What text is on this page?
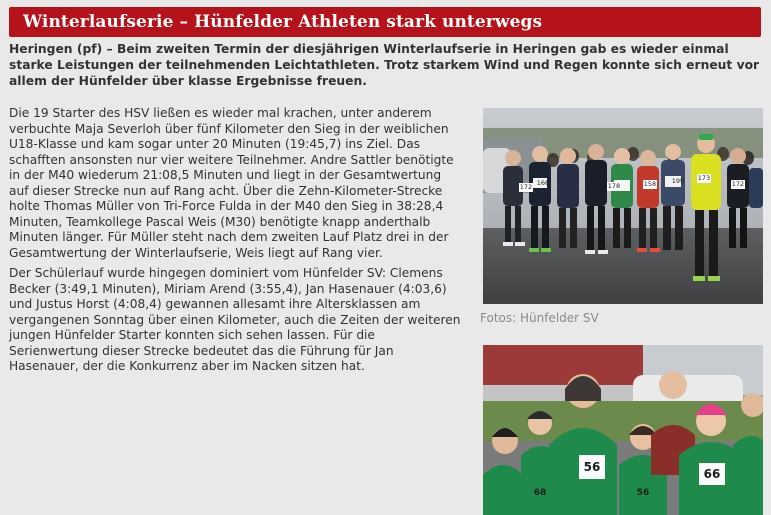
Winterlaufserie – Hünfelder Athleten stark unterwegs

Heringen (pf) – Beim zweiten Termin der diesjährigen Winterlaufserie in Heringen gab es wieder einmal starke Leistungen der teilnehmenden Leichtathleten. Trotz starkem Wind und Regen konnte sich erneut vor allem der Hünfelder über klasse Ergebnisse freuen.

Die 19 Starter des HSV ließen es wieder mal krachen, unter anderem verbuchte Maja Severloh über fünf Kilometer den Sieg in der weiblichen U18-Klasse und kam sogar unter 20 Minuten (19:45,7) ins Ziel. Das schafften ansonsten nur vier weitere Teilnehmer. Andre Sattler benötigte in der M40 wiederum 21:08,5 Minuten und liegt in der Gesamtwertung auf dieser Strecke nun auf Rang acht. Über die Zehn-Kilometer-Strecke holte Thomas Müller von Tri-Force Fulda in der M40 den Sieg in 38:28,4 Minuten, Teamkollege Pascal Weis (M30) benötigte knapp anderthalb Minuten länger. Für Müller steht nach dem zweiten Lauf Platz drei in der Gesamtwertung der Winterlaufserie, Weis liegt auf Rang vier.

Der Schülerlauf wurde hingegen dominiert vom Hünfelder SV: Clemens Becker (3:49,1 Minuten), Miriam Arend (3:55,4), Jan Hasenauer (4:03,6) und Justus Horst (4:08,4) gewannen allesamt ihre Altersklassen am vergangenen Sonntag über einen Kilometer, auch die Zeiten der weiteren jungen Hünfelder Starter konnten sich sehen lassen. Für die Serienwertung dieser Strecke bedeutet das die Führung für Jan Hasenauer, der die Konkurrenz aber im Nacken sitzen hat.

172	178	158
173
172
199
166

Fotos: Hünfelder SV

56	66
68	56
